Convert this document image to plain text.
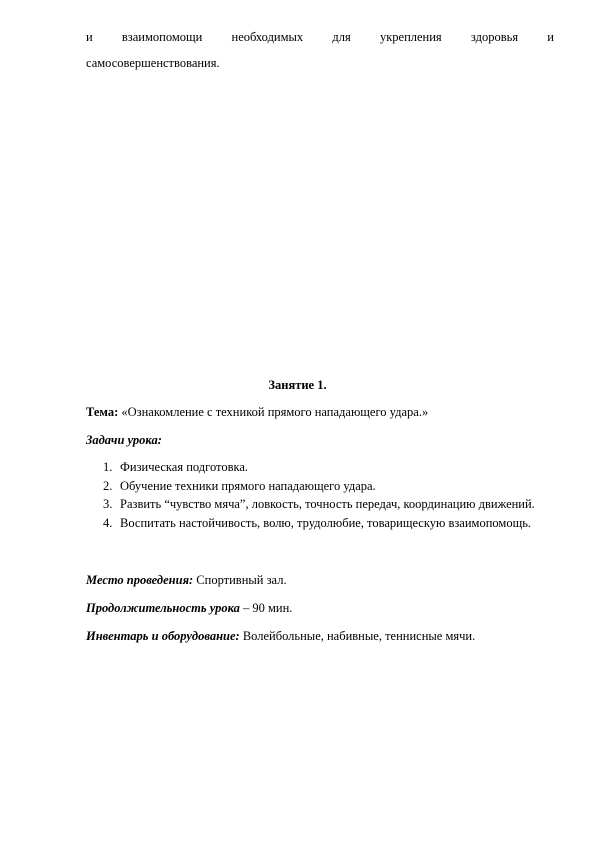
и взаимопомощи необходимых для укрепления здоровья и
самосовершенствования.
Занятие 1.
Тема: «Ознакомление с техникой прямого нападающего удара.»
Задачи урока:
1. Физическая подготовка.
2. Обучение техники прямого нападающего удара.
3. Развить “чувство мяча”, ловкость, точность передач, координацию движений.
4. Воспитать настойчивость, волю, трудолюбие, товарищескую взаимопомощь.
Место проведения: Спортивный зал.
Продолжительность урока – 90 мин.
Инвентарь и оборудование: Волейбольные, набивные, теннисные мячи.
